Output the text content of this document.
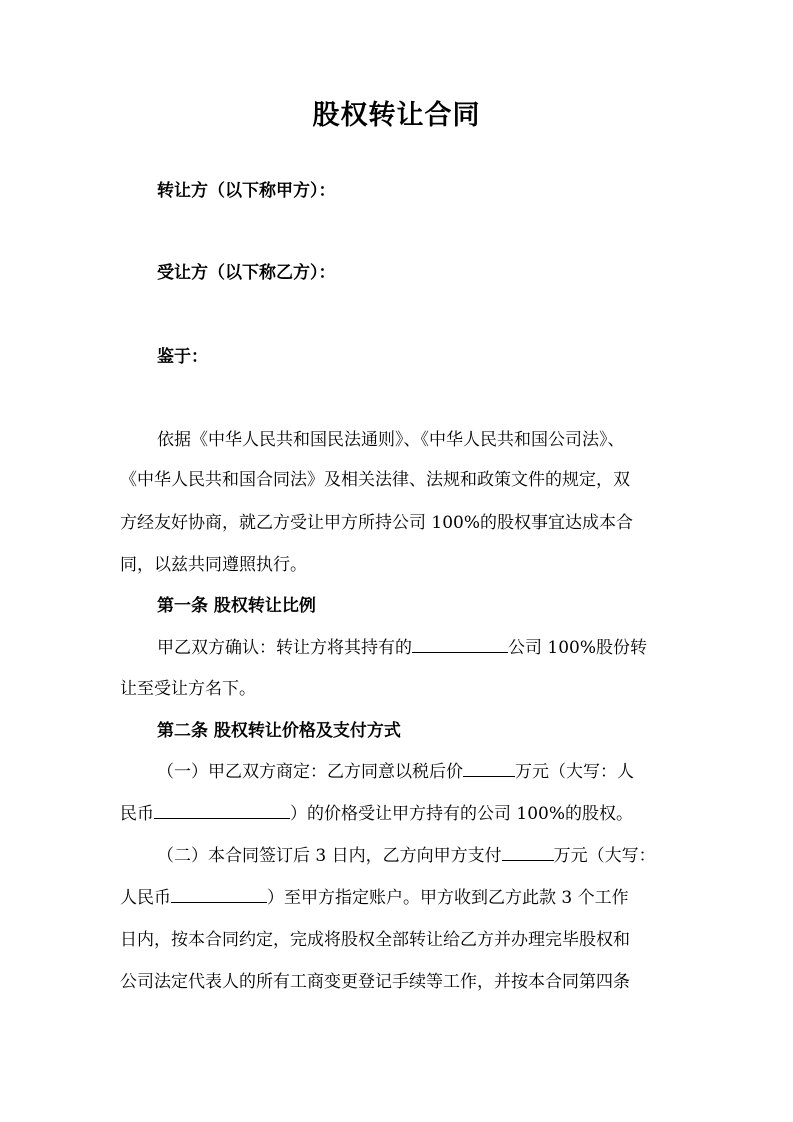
股权转让合同
转让方（以下称甲方）：
受让方（以下称乙方）：
鉴于：
依据《中华人民共和国民法通则》、《中华人民共和国公司法》、
《中华人民共和国合同法》及相关法律、法规和政策文件的规定，双
方经友好协商，就乙方受让甲方所持公司 100%的股权事宜达成本合
同，以兹共同遵照执行。
第一条 股权转让比例
甲乙双方确认：转让方将其持有的	公司 100%股份转
让至受让方名下。
第二条 股权转让价格及支付方式
（一）甲乙双方商定：乙方同意以税后价	万元（大写：人
民币	）的价格受让甲方持有的公司 100%的股权。
（二）本合同签订后 3 日内，乙方向甲方支付	万元（大写：
人民币	）至甲方指定账户。甲方收到乙方此款 3 个工作
日内，按本合同约定，完成将股权全部转让给乙方并办理完毕股权和
公司法定代表人的所有工商变更登记手续等工作，并按本合同第四条
